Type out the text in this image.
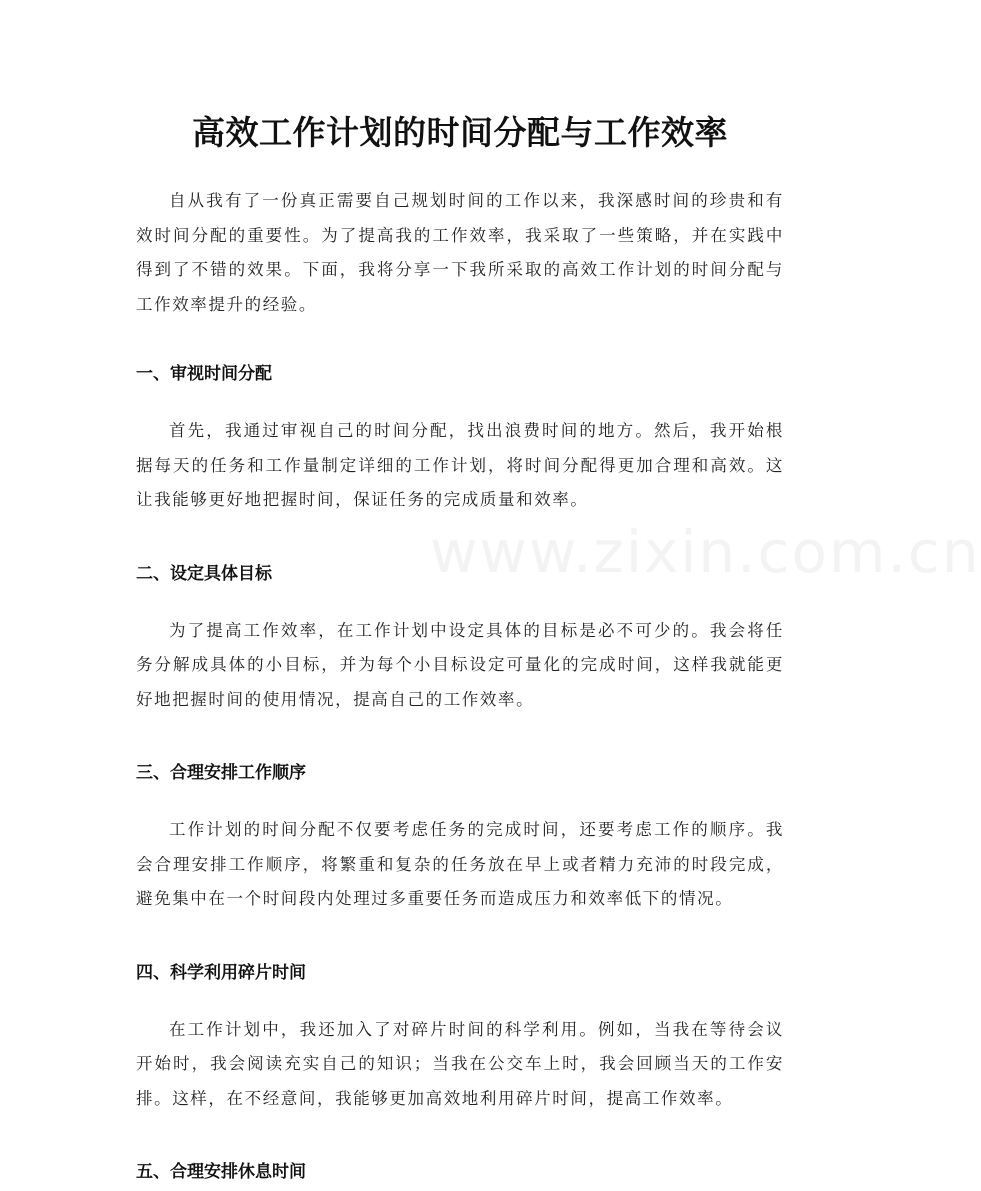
高效工作计划的时间分配与工作效率

自从我有了一份真正需要自己规划时间的工作以来，我深感时间的珍贵和有效时间分配的重要性。为了提高我的工作效率，我采取了一些策略，并在实践中得到了不错的效果。下面，我将分享一下我所采取的高效工作计划的时间分配与工作效率提升的经验。

一、审视时间分配

首先，我通过审视自己的时间分配，找出浪费时间的地方。然后，我开始根据每天的任务和工作量制定详细的工作计划，将时间分配得更加合理和高效。这让我能够更好地把握时间，保证任务的完成质量和效率。

二、设定具体目标

为了提高工作效率，在工作计划中设定具体的目标是必不可少的。我会将任务分解成具体的小目标，并为每个小目标设定可量化的完成时间，这样我就能更好地把握时间的使用情况，提高自己的工作效率。

三、合理安排工作顺序

工作计划的时间分配不仅要考虑任务的完成时间，还要考虑工作的顺序。我会合理安排工作顺序，将繁重和复杂的任务放在早上或者精力充沛的时段完成，避免集中在一个时间段内处理过多重要任务而造成压力和效率低下的情况。

四、科学利用碎片时间

在工作计划中，我还加入了对碎片时间的科学利用。例如，当我在等待会议开始时，我会阅读充实自己的知识；当我在公交车上时，我会回顾当天的工作安排。这样，在不经意间，我能够更加高效地利用碎片时间，提高工作效率。

五、合理安排休息时间
www.zixin.com.cn
